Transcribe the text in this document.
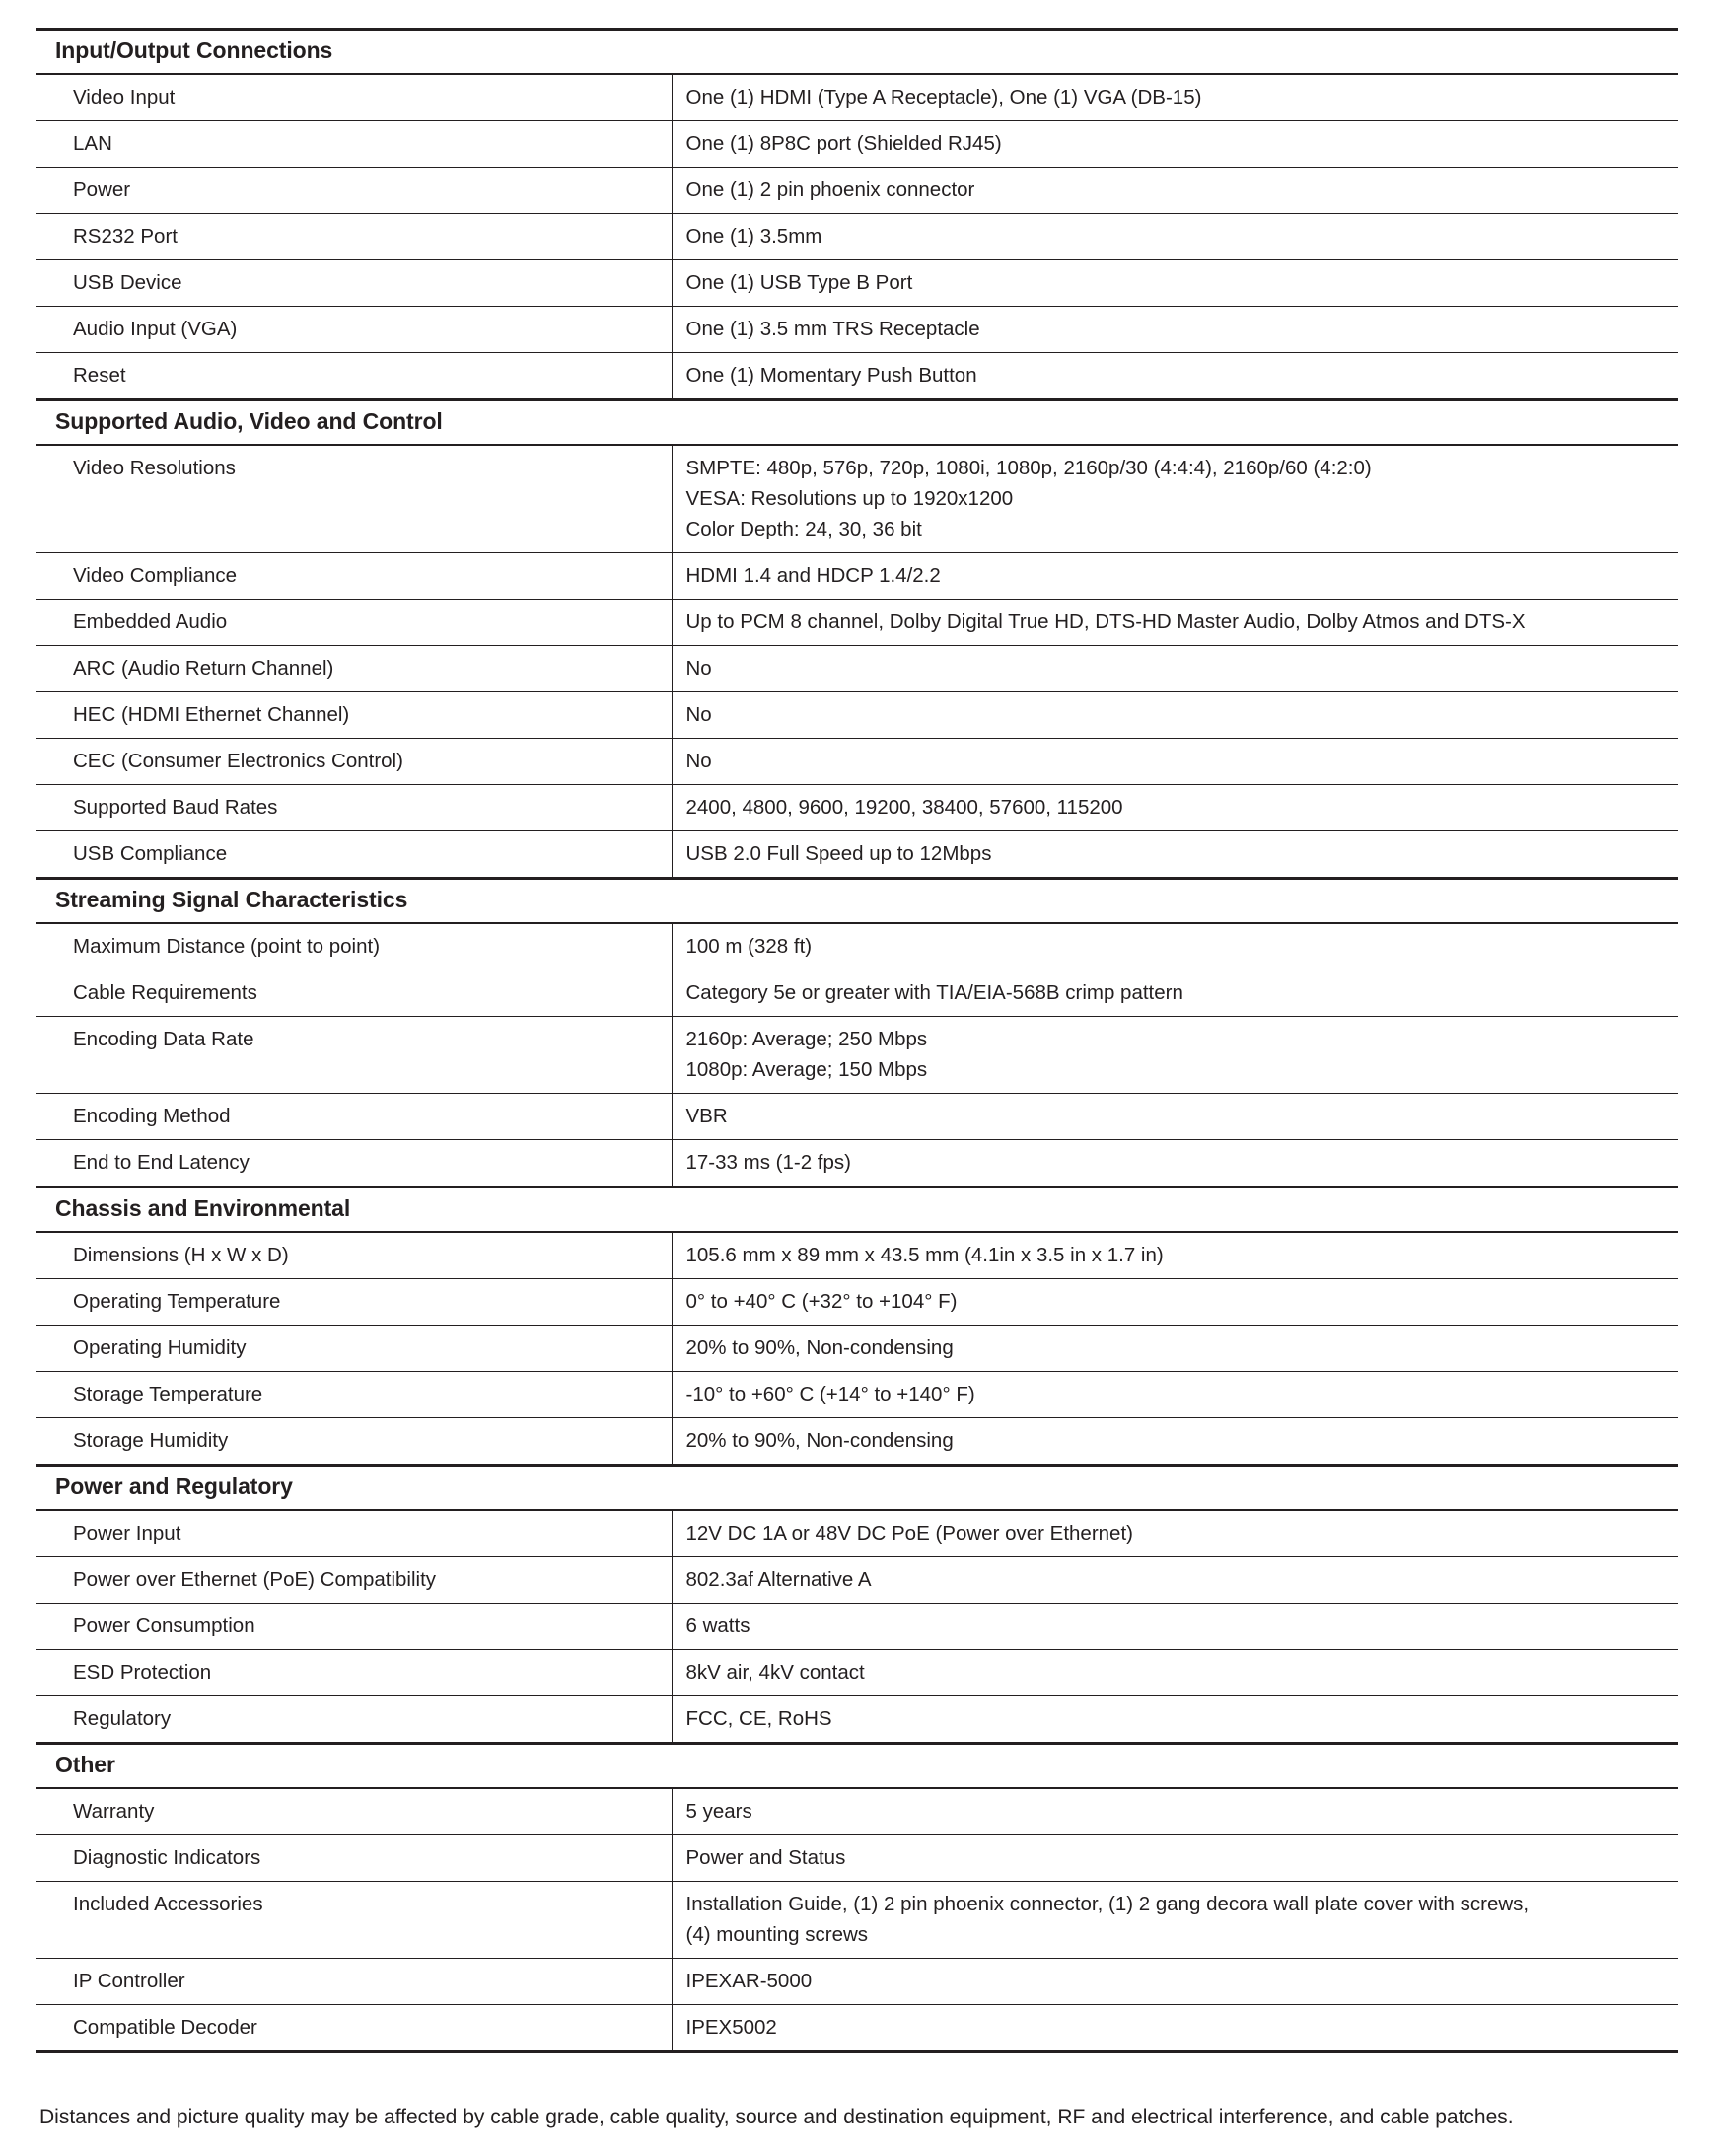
Input/Output Connections	
Video Input	One (1) HDMI (Type A Receptacle), One (1) VGA (DB-15)

LAN	One (1) 8P8C port (Shielded RJ45)

Power	One (1) 2 pin phoenix connector

RS232 Port	One (1) 3.5mm

USB Device	One (1) USB Type B Port

Audio Input (VGA)	One (1) 3.5 mm TRS Receptacle

Reset	One (1) Momentary Push Button

Supported Audio, Video and Control	
Video Resolutions	SMPTE: 480p, 576p, 720p, 1080i, 1080p, 2160p/30 (4:4:4), 2160p/60 (4:2:0)
VESA: Resolutions up to 1920x1200
Color Depth: 24, 30, 36 bit

Video Compliance	HDMI 1.4 and HDCP 1.4/2.2

Embedded Audio	Up to PCM 8 channel, Dolby Digital True HD, DTS-HD Master Audio, Dolby Atmos and DTS-X

ARC (Audio Return Channel)	No

HEC (HDMI Ethernet Channel)	No

CEC (Consumer Electronics Control)	No

Supported Baud Rates	2400, 4800, 9600, 19200, 38400, 57600, 115200

USB Compliance	USB 2.0 Full Speed up to 12Mbps

Streaming Signal Characteristics	
Maximum Distance (point to point)	100 m (328 ft)

Cable Requirements	Category 5e or greater with TIA/EIA-568B crimp pattern

Encoding Data Rate	2160p: Average; 250 Mbps
1080p: Average; 150 Mbps

Encoding Method	VBR

End to End Latency	17-33 ms (1-2 fps)

Chassis and Environmental	
Dimensions (H x W x D)	105.6 mm x 89 mm x 43.5 mm (4.1in x 3.5 in x 1.7 in)

Operating Temperature	0° to +40° C (+32° to +104° F)

Operating Humidity	20% to 90%, Non-condensing

Storage Temperature	-10° to +60° C (+14° to +140° F)

Storage Humidity	20% to 90%, Non-condensing

Power and Regulatory	
Power Input	12V DC 1A or 48V DC PoE (Power over Ethernet)

Power over Ethernet (PoE) Compatibility	802.3af Alternative A

Power Consumption	6 watts

ESD Protection	8kV air, 4kV contact

Regulatory	FCC, CE, RoHS

Other	
Warranty	5 years

Diagnostic Indicators	Power and Status

Included Accessories	Installation Guide, (1) 2 pin phoenix connector, (1) 2 gang decora wall plate cover with screws,
(4) mounting screws

IP Controller	IPEXAR-5000

Compatible Decoder	IPEX5002

Distances and picture quality may be affected by cable grade, cable quality, source and destination equipment, RF and electrical interference, and cable patches.
